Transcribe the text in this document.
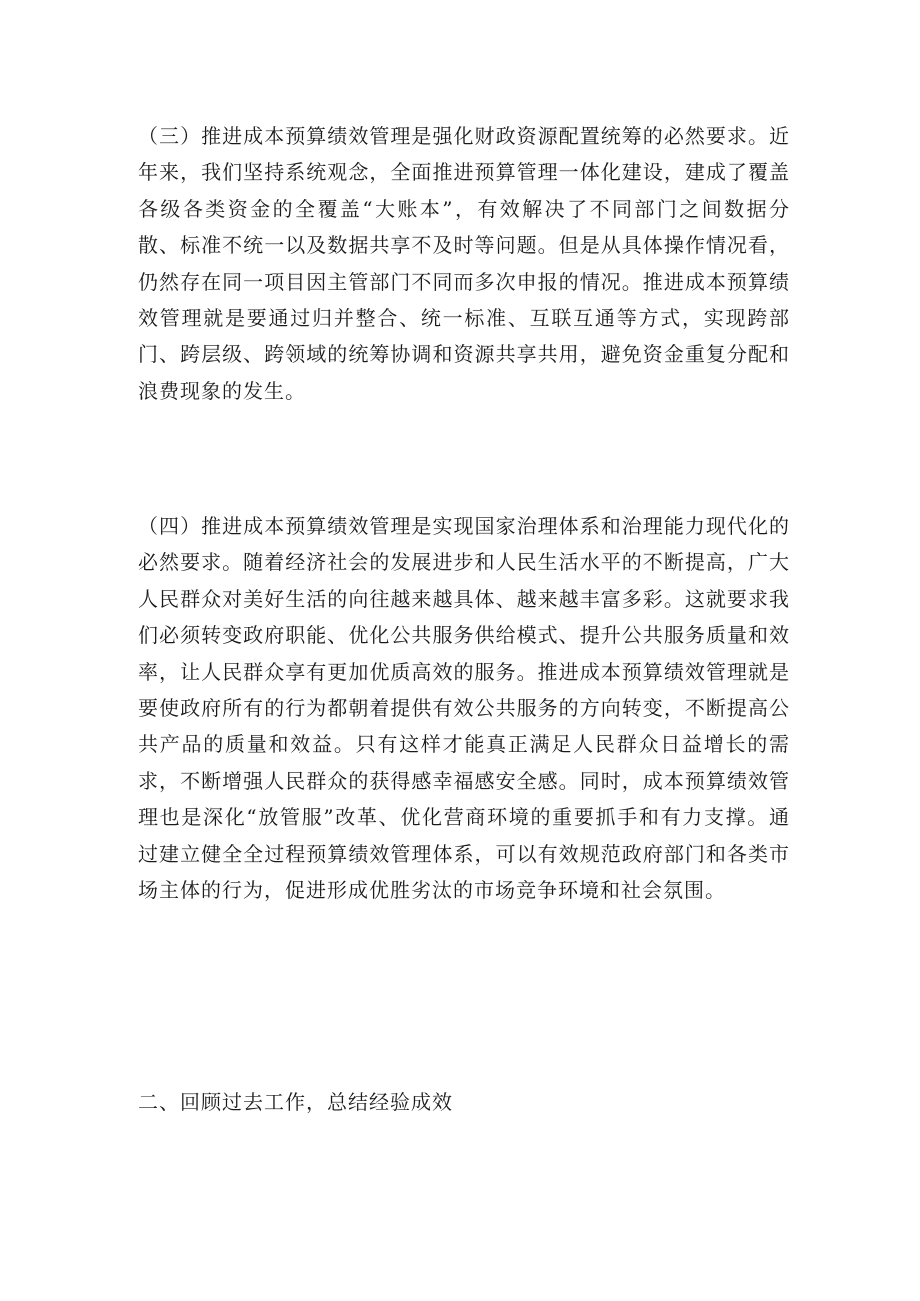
（三）推进成本预算绩效管理是强化财政资源配置统筹的必然要求。近年来，我们坚持系统观念，全面推进预算管理一体化建设，建成了覆盖各级各类资金的全覆盖“大账本”，有效解决了不同部门之间数据分散、标准不统一以及数据共享不及时等问题。但是从具体操作情况看，仍然存在同一项目因主管部门不同而多次申报的情况。推进成本预算绩效管理就是要通过归并整合、统一标准、互联互通等方式，实现跨部门、跨层级、跨领域的统筹协调和资源共享共用，避免资金重复分配和浪费现象的发生。

（四）推进成本预算绩效管理是实现国家治理体系和治理能力现代化的必然要求。随着经济社会的发展进步和人民生活水平的不断提高，广大人民群众对美好生活的向往越来越具体、越来越丰富多彩。这就要求我们必须转变政府职能、优化公共服务供给模式、提升公共服务质量和效率，让人民群众享有更加优质高效的服务。推进成本预算绩效管理就是要使政府所有的行为都朝着提供有效公共服务的方向转变，不断提高公共产品的质量和效益。只有这样才能真正满足人民群众日益增长的需求，不断增强人民群众的获得感幸福感安全感。同时，成本预算绩效管理也是深化“放管服”改革、优化营商环境的重要抓手和有力支撑。通过建立健全全过程预算绩效管理体系，可以有效规范政府部门和各类市场主体的行为，促进形成优胜劣汰的市场竞争环境和社会氛围。

二、回顾过去工作，总结经验成效
